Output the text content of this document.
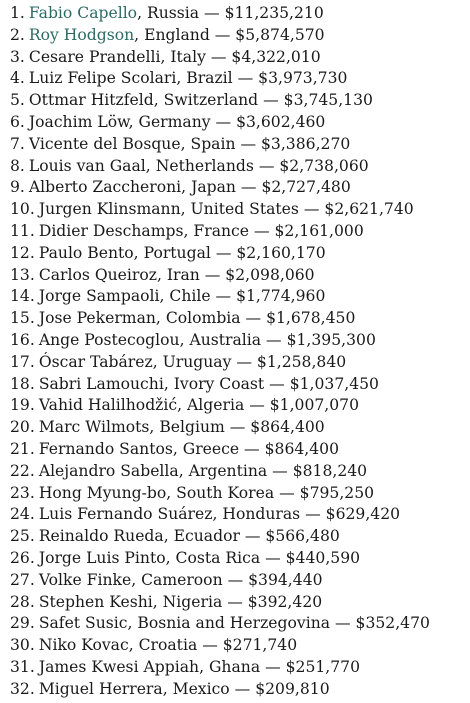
1. Fabio Capello, Russia — $11,235,210
2. Roy Hodgson, England — $5,874,570
3. Cesare Prandelli, Italy — $4,322,010
4. Luiz Felipe Scolari, Brazil — $3,973,730
5. Ottmar Hitzfeld, Switzerland — $3,745,130
6. Joachim Löw, Germany — $3,602,460
7. Vicente del Bosque, Spain — $3,386,270
8. Louis van Gaal, Netherlands — $2,738,060
9. Alberto Zaccheroni, Japan — $2,727,480
10. Jurgen Klinsmann, United States — $2,621,740
11. Didier Deschamps, France — $2,161,000
12. Paulo Bento, Portugal — $2,160,170
13. Carlos Queiroz, Iran — $2,098,060
14. Jorge Sampaoli, Chile — $1,774,960
15. Jose Pekerman, Colombia — $1,678,450
16. Ange Postecoglou, Australia — $1,395,300
17. Óscar Tabárez, Uruguay — $1,258,840
18. Sabri Lamouchi, Ivory Coast — $1,037,450
19. Vahid Halilhodžić, Algeria — $1,007,070
20. Marc Wilmots, Belgium — $864,400
21. Fernando Santos, Greece — $864,400
22. Alejandro Sabella, Argentina — $818,240
23. Hong Myung-bo, South Korea — $795,250
24. Luis Fernando Suárez, Honduras — $629,420
25. Reinaldo Rueda, Ecuador — $566,480
26. Jorge Luis Pinto, Costa Rica — $440,590
27. Volke Finke, Cameroon — $394,440
28. Stephen Keshi, Nigeria — $392,420
29. Safet Susic, Bosnia and Herzegovina — $352,470
30. Niko Kovac, Croatia — $271,740
31. James Kwesi Appiah, Ghana — $251,770
32. Miguel Herrera, Mexico — $209,810
